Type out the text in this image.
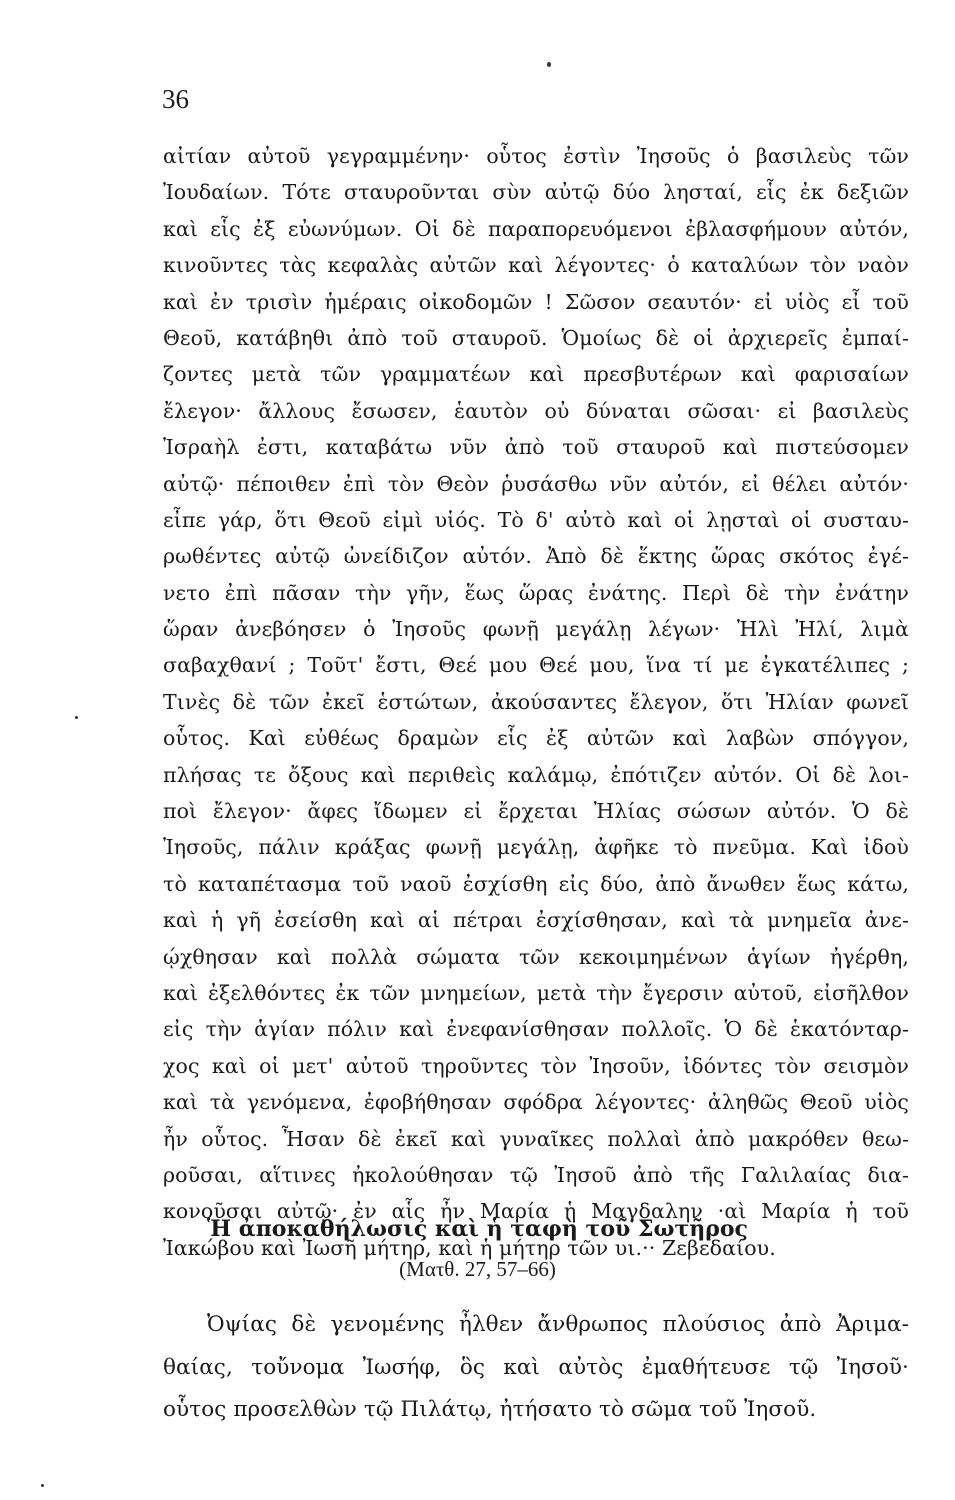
36
αἰτίαν αὐτοῦ γεγραμμένην· οὗτος ἐστὶν Ἰησοῦς ὁ βασιλεὺς τῶν
Ἰουδαίων. Τότε σταυροῦνται σὺν αὐτῷ δύο λησταί, εἷς ἐκ δεξιῶν
καὶ εἷς ἐξ εὐωνύμων. Οἱ δὲ παραπορευόμενοι ἐβλασφήμουν αὐτόν,
κινοῦντες τὰς κεφαλὰς αὐτῶν καὶ λέγοντες· ὁ καταλύων τὸν ναὸν
καὶ ἐν τρισὶν ἡμέραις οἰκοδομῶν ! Σῶσον σεαυτόν· εἰ υἱὸς εἶ τοῦ
Θεοῦ, κατάβηθι ἀπὸ τοῦ σταυροῦ. Ὁμοίως δὲ οἱ ἀρχιερεῖς ἐμπαί-
ζοντες μετὰ τῶν γραμματέων καὶ πρεσβυτέρων καὶ φαρισαίων
ἔλεγον· ἄλλους ἔσωσεν, ἑαυτὸν οὐ δύναται σῶσαι· εἰ βασιλεὺς
Ἰσραὴλ ἐστι, καταβάτω νῦν ἀπὸ τοῦ σταυροῦ καὶ πιστεύσομεν
αὐτῷ· πέποιθεν ἐπὶ τὸν Θεὸν ῥυσάσθω νῦν αὐτόν, εἰ θέλει αὐτόν·
εἶπε γάρ, ὅτι Θεοῦ εἰμὶ υἱός. Τὸ δ' αὐτὸ καὶ οἱ λῃσταὶ οἱ συσταυ-
ρωθέντες αὐτῷ ὠνείδιζον αὐτόν. Ἀπὸ δὲ ἕκτης ὥρας σκότος ἐγέ-
νετο ἐπὶ πᾶσαν τὴν γῆν, ἕως ὥρας ἐνάτης. Περὶ δὲ τὴν ἐνάτην
ὥραν ἀνεβόησεν ὁ Ἰησοῦς φωνῇ μεγάλῃ λέγων· Ἠλὶ Ἠλί, λιμὰ
σαβαχθανί ; Τοῦτ' ἔστι, Θεέ μου Θεέ μου, ἵνα τί με ἐγκατέλιπες ;
Τινὲς δὲ τῶν ἐκεῖ ἑστώτων, ἀκούσαντες ἔλεγον, ὅτι Ἠλίαν φωνεῖ
οὗτος. Καὶ εὐθέως δραμὼν εἷς ἐξ αὐτῶν καὶ λαβὼν σπόγγον,
πλήσας τε ὄξους καὶ περιθεὶς καλάμῳ, ἐπότιζεν αὐτόν. Οἱ δὲ λοι-
ποὶ ἔλεγον· ἄφες ἴδωμεν εἰ ἔρχεται Ἠλίας σώσων αὐτόν. Ὁ δὲ
Ἰησοῦς, πάλιν κράξας φωνῇ μεγάλῃ, ἀφῆκε τὸ πνεῦμα. Καὶ ἰδοὺ
τὸ καταπέτασμα τοῦ ναοῦ ἐσχίσθη εἰς δύο, ἀπὸ ἄνωθεν ἕως κάτω,
καὶ ἡ γῆ ἐσείσθη καὶ αἱ πέτραι ἐσχίσθησαν, καὶ τὰ μνημεῖα ἀνε-
ῴχθησαν καὶ πολλὰ σώματα τῶν κεκοιμημένων ἁγίων ἠγέρθη,
καὶ ἐξελθόντες ἐκ τῶν μνημείων, μετὰ τὴν ἔγερσιν αὐτοῦ, εἰσῆλθον
εἰς τὴν ἁγίαν πόλιν καὶ ἐνεφανίσθησαν πολλοῖς. Ὁ δὲ ἑκατόνταρ-
χος καὶ οἱ μετ' αὐτοῦ τηροῦντες τὸν Ἰησοῦν, ἰδόντες τὸν σεισμὸν
καὶ τὰ γενόμενα, ἐφοβήθησαν σφόδρα λέγοντες· ἀληθῶς Θεοῦ υἱὸς
ἦν οὗτος. Ἦσαν δὲ ἐκεῖ καὶ γυναῖκες πολλαὶ ἀπὸ μακρόθεν θεω-
ροῦσαι, αἵτινες ἠκολούθησαν τῷ Ἰησοῦ ἀπὸ τῆς Γαλιλαίας δια-
κονοῦσαι αὐτῷ· ἐν αἷς ἦν Μαρία ἡ Μαγδαλην ·αὶ Μαρία ἡ τοῦ
Ἰακώβου καὶ Ἰωσῆ μήτηρ, καὶ ἡ μήτηρ τῶν υι.·· Ζεβεδαίου.
Ἡ ἀποκαθήλωσις καὶ ἡ ταφὴ τοῦ Σωτῆρος
(Ματθ. 27, 57–66)
Ὀψίας δὲ γενομένης ἦλθεν ἄνθρωπος πλούσιος ἀπὸ Ἀριμα-
θαίας, τοὔνομα Ἰωσήφ, ὃς καὶ αὐτὸς ἐμαθήτευσε τῷ Ἰησοῦ·
οὗτος προσελθὼν τῷ Πιλάτῳ, ἠτήσατο τὸ σῶμα τοῦ Ἰησοῦ.
